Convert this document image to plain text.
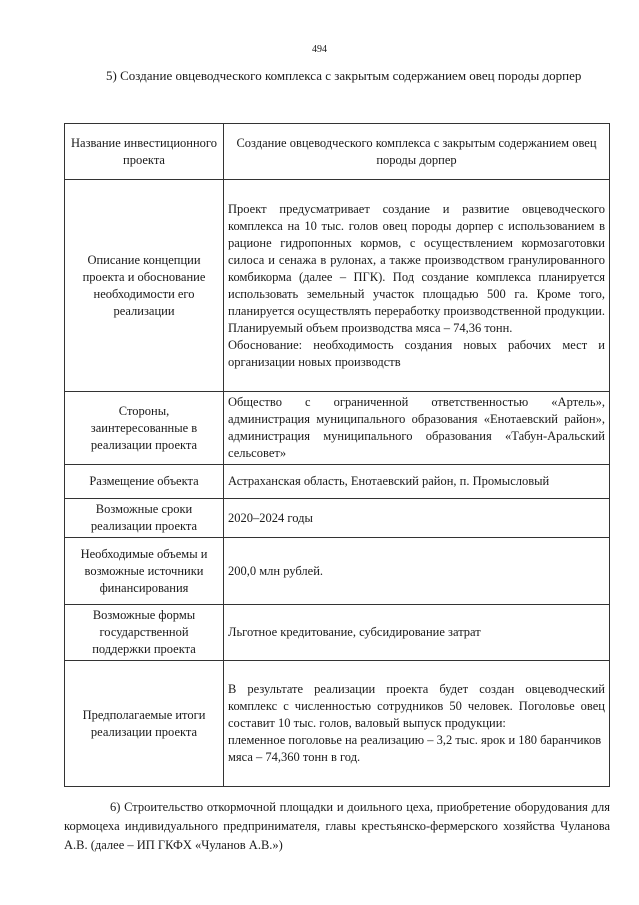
494
5) Создание овцеводческого комплекса с закрытым содержанием овец породы дорпер
Название инвестиционного проекта	Создание овцеводческого комплекса с закрытым содержанием овец породы дорпер
Описание концепции проекта и обоснование необходимости его реализации	Проект предусматривает создание и развитие овцеводческого комплекса на 10 тыс. голов овец породы дорпер с использованием в рационе гидропонных кормов, с осуществлением кормозаготовки силоса и сенажа в рулонах, а также производством гранулированного комбикорма (далее – ПГК). Под создание комплекса планируется использовать земельный участок площадью 500 га. Кроме того, планируется осуществлять переработку производственной продукции. Планируемый объем производства мяса – 74,36 тонн.
Обоснование: необходимость создания новых рабочих мест и организации новых производств

Стороны, заинтересованные в реализации проекта	Общество с ограниченной ответственностью «Артель», администрация муниципального образования «Енотаевский район», администрация муниципального образования «Табун-Аральский сельсовет»
Размещение объекта	Астраханская область, Енотаевский район, п. Промысловый
Возможные сроки реализации проекта	2020–2024 годы
Необходимые объемы и возможные источники финансирования	200,0 млн рублей.
Возможные формы государственной поддержки проекта	Льготное кредитование, субсидирование затрат
Предполагаемые итоги реализации проекта	В результате реализации проекта будет создан овцеводческий комплекс с численностью сотрудников 50 человек. Поголовье овец составит 10 тыс. голов, валовый выпуск продукции:
племенное поголовье на реализацию – 3,2 тыс. ярок и 180 баранчиков
мяса – 74,360 тонн в год.
6) Строительство откормочной площадки и доильного цеха, приобретение оборудования для кормоцеха индивидуального предпринимателя, главы крестьянско-фермерского хозяйства Чуланова А.В. (далее – ИП ГКФХ «Чуланов А.В.»)
